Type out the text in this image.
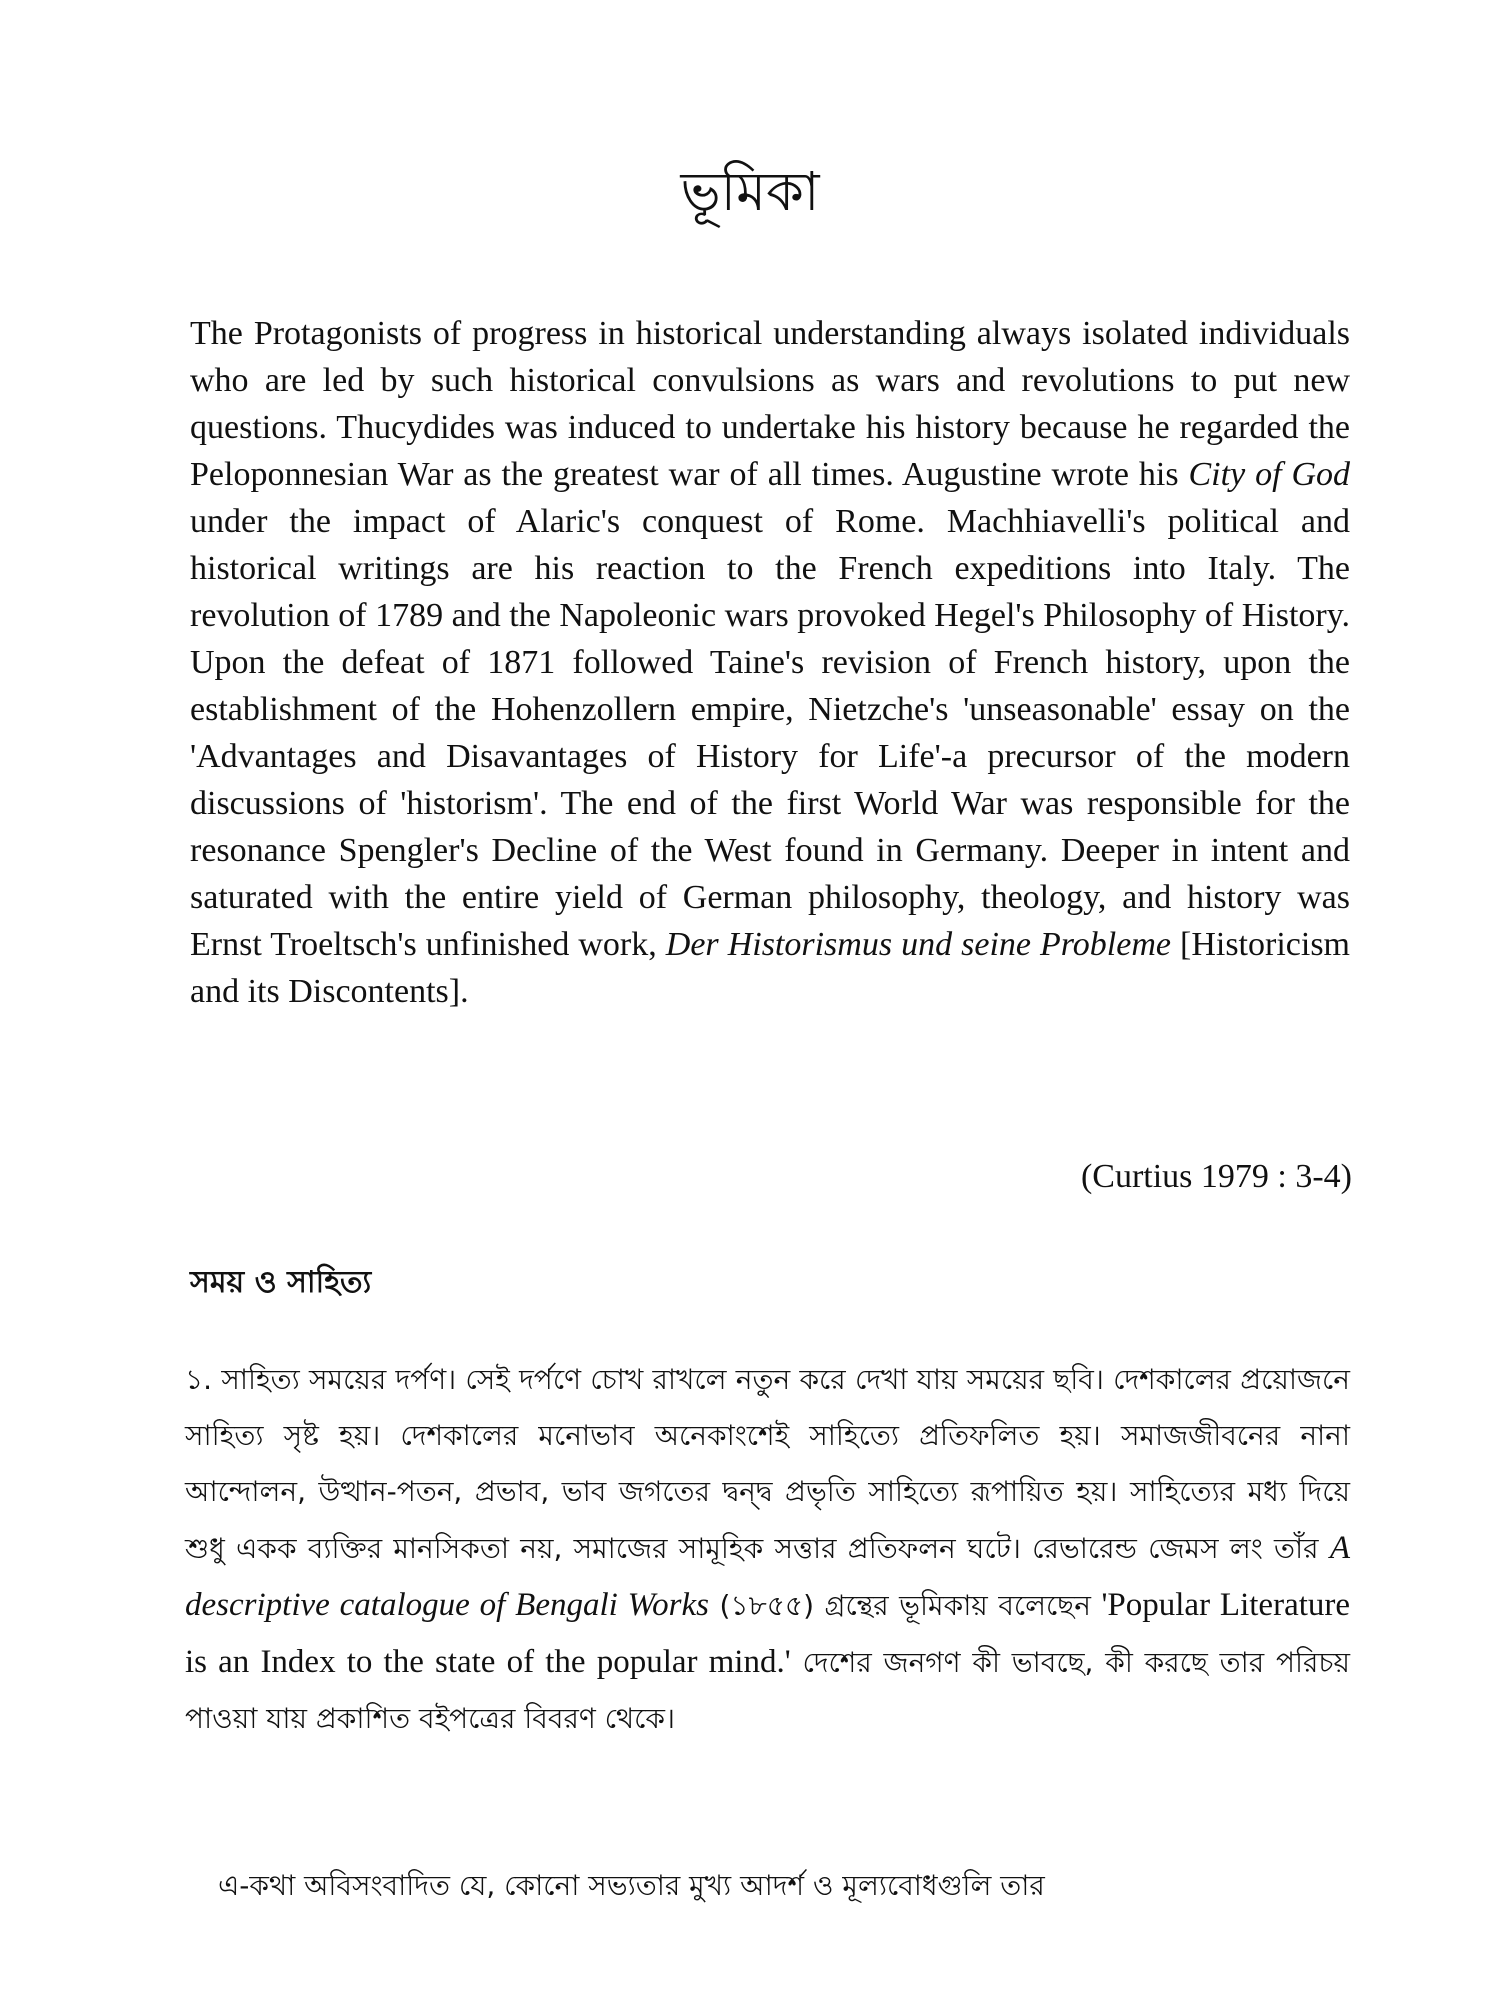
ভূমিকা
The Protagonists of progress in historical understanding always isolated individuals who are led by such historical convulsions as wars and revolutions to put new questions. Thucydides was induced to undertake his history because he regarded the Peloponnesian War as the greatest war of all times. Augustine wrote his City of God under the impact of Alaric's conquest of Rome. Machhiavelli's political and historical writings are his reaction to the French expeditions into Italy. The revolution of 1789 and the Napoleonic wars provoked Hegel's Philosophy of History. Upon the defeat of 1871 followed Taine's revision of French history, upon the establishment of the Hohenzollern empire, Nietzche's 'unseasonable' essay on the 'Advantages and Disavantages of History for Life'-a precursor of the modern discussions of 'historism'. The end of the first World War was responsible for the resonance Spengler's Decline of the West found in Germany. Deeper in intent and saturated with the entire yield of German philosophy, theology, and history was Ernst Troeltsch's unfinished work, Der Historismus und seine Probleme [Historicism and its Discontents].
(Curtius 1979 : 3-4)
সময় ও সাহিত্য
১. সাহিত্য সময়ের দর্পণ। সেই দর্পণে চোখ রাখলে নতুন করে দেখা যায় সময়ের ছবি। দেশকালের প্রয়োজনে সাহিত্য সৃষ্ট হয়। দেশকালের মনোভাব অনেকাংশেই সাহিত্যে প্রতিফলিত হয়। সমাজজীবনের নানা আন্দোলন, উত্থান-পতন, প্রভাব, ভাব জগতের দ্বন্দ্ব প্রভৃতি সাহিত্যে রূপায়িত হয়। সাহিত্যের মধ্য দিয়ে শুধু একক ব্যক্তির মানসিকতা নয়, সমাজের সামূহিক সত্তার প্রতিফলন ঘটে। রেভারেন্ড জেমস লং তাঁর A descriptive catalogue of Bengali Works (১৮৫৫) গ্রন্থের ভূমিকায় বলেছেন 'Popular Literature is an Index to the state of the popular mind.' দেশের জনগণ কী ভাবছে, কী করছে তার পরিচয় পাওয়া যায় প্রকাশিত বইপত্রের বিবরণ থেকে।
এ-কথা অবিসংবাদিত যে, কোনো সভ্যতার মুখ্য আদর্শ ও মূল্যবোধগুলি তার
